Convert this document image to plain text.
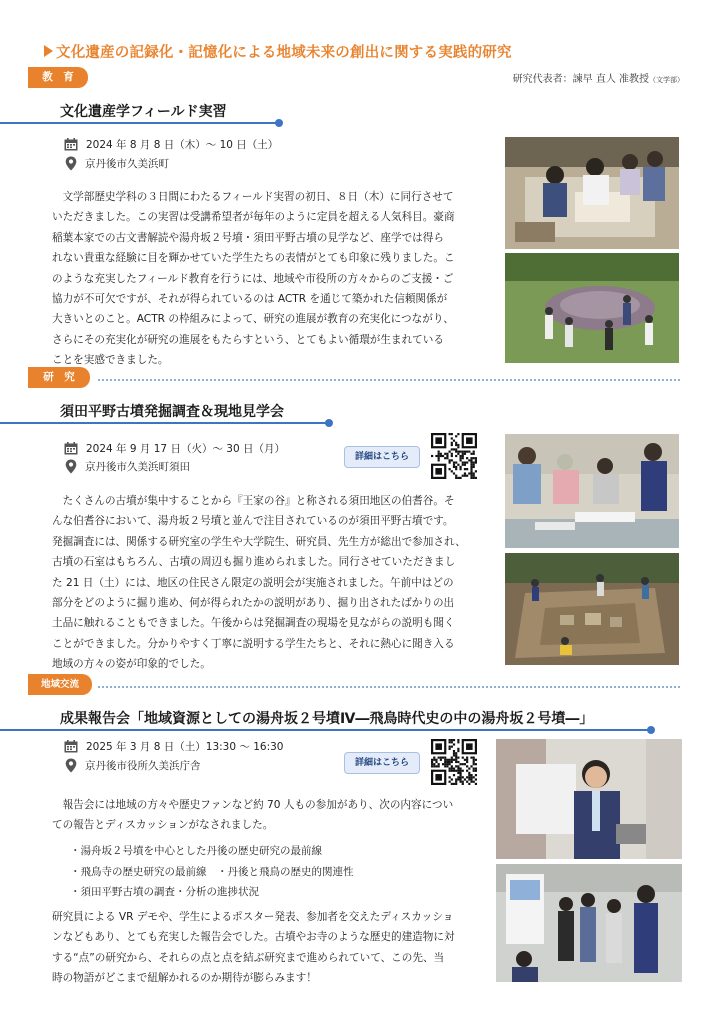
文化遺産の記録化・記憶化による地域未来の創出に関する実践的研究
研究代表者：諫早 直人 准教授（文学部）
教　育
文化遺産学フィールド実習
2024 年 8 月 8 日（木）～ 10 日（土）
京丹後市久美浜町
　文学部歴史学科の３日間にわたるフィールド実習の初日、８日（木）に同行させて
いただきました。この実習は受講希望者が毎年のように定員を超える人気科目。豪商
稲葉本家での古文書解読や湯舟坂２号墳・須田平野古墳の見学など、座学では得ら
れない貴重な経験に目を輝かせていた学生たちの表情がとても印象に残りました。こ
のような充実したフィールド教育を行うには、地域や市役所の方々からのご支援・ご
協力が不可欠ですが、それが得られているのは ACTR を通じて築かれた信頼関係が
大きいとのこと。ACTR の枠組みによって、研究の進展が教育の充実化につながり、
さらにその充実化が研究の進展をもたらすという、とてもよい循環が生まれている
ことを実感できました。
研　究
須田平野古墳発掘調査＆現地見学会
2024 年 9 月 17 日（火）～ 30 日（月）
京丹後市久美浜町須田
詳細はこちら
　たくさんの古墳が集中することから『王家の谷』と称される須田地区の伯耆谷。そ
んな伯耆谷において、湯舟坂２号墳と並んで注目されているのが須田平野古墳です。
発掘調査には、関係する研究室の学生や大学院生、研究員、先生方が総出で参加され、
古墳の石室はもちろん、古墳の周辺も掘り進められました。同行させていただきまし
た 21 日（土）には、地区の住民さん限定の説明会が実施されました。午前中はどの
部分をどのように掘り進め、何が得られたかの説明があり、掘り出されたばかりの出
土品に触れることもできました。午後からは発掘調査の現場を見ながらの説明も聞く
ことができました。分かりやすく丁寧に説明する学生たちと、それに熱心に聞き入る
地域の方々の姿が印象的でした。
地域交流
成果報告会「地域資源としての湯舟坂２号墳Ⅳ―飛鳥時代史の中の湯舟坂２号墳―」
2025 年 3 月 8 日（土）13:30 ～ 16:30
京丹後市役所久美浜庁舎	詳細はこちら
　報告会には地域の方々や歴史ファンなど約 70 人もの参加があり、次の内容につい
ての報告とディスカッションがなされました。
・湯舟坂２号墳を中心とした丹後の歴史研究の最前線
・飛鳥寺の歴史研究の最前線　・丹後と飛鳥の歴史的関連性
・須田平野古墳の調査・分析の進捗状況
研究員による VR デモや、学生によるポスター発表、参加者を交えたディスカッショ
ンなどもあり、とても充実した報告会でした。古墳やお寺のような歴史的建造物に対
する“点”の研究から、それらの点と点を結ぶ研究まで進められていて、この先、当
時の物語がどこまで紐解かれるのか期待が膨らみます！
